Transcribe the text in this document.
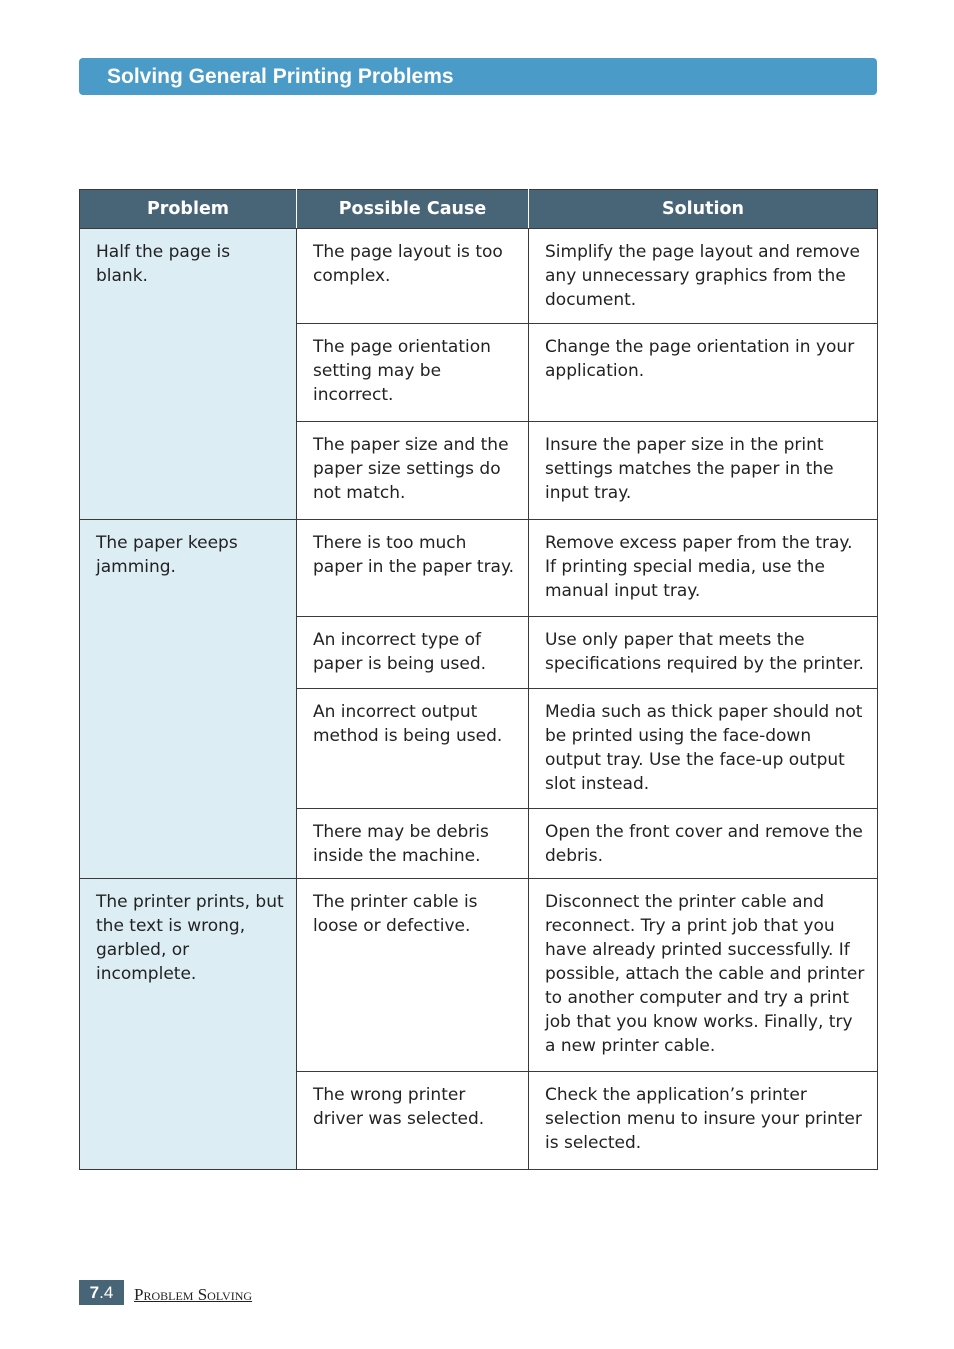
Solving General Printing Problems
Problem	Possible Cause	Solution
Half the page is blank.	The page layout is too complex.	Simplify the page layout and remove any unnecessary graphics from the document.
	The page orientation setting may be incorrect.	Change the page orientation in your application.
	The paper size and the paper size settings do not match.	Insure the paper size in the print settings matches the paper in the input tray.
The paper keeps jamming.	There is too much paper in the paper tray.	Remove excess paper from the tray. If printing special media, use the manual input tray.
	An incorrect type of paper is being used.	Use only paper that meets the specifications required by the printer.
	An incorrect output method is being used.	Media such as thick paper should not be printed using the face-down output tray. Use the face-up output slot instead.
	There may be debris inside the machine.	Open the front cover and remove the debris.
The printer prints, but the text is wrong, garbled, or incomplete.	The printer cable is loose or defective.	Disconnect the printer cable and reconnect. Try a print job that you have already printed successfully. If possible, attach the cable and printer to another computer and try a print job that you know works. Finally, try a new printer cable.
	The wrong printer driver was selected.	Check the application’s printer selection menu to insure your printer is selected.
7.4	Problem Solving
